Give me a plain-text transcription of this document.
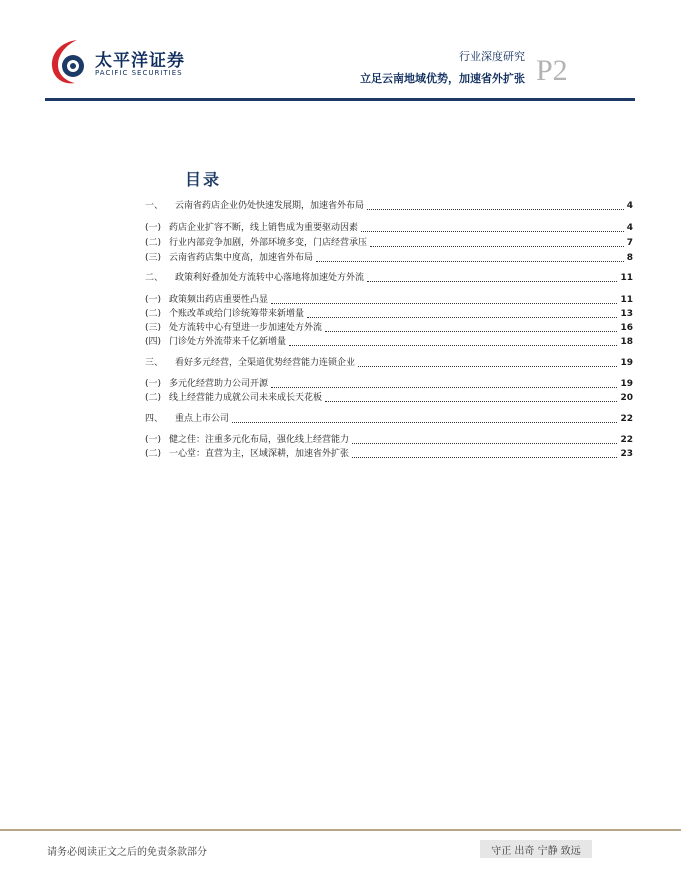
太平洋证券
PACIFIC SECURITIES
行业深度研究
立足云南地域优势，加速省外扩张 P2
目录
一、	云南省药店企业仍处快速发展期，加速省外布局	4
(一) 药店企业扩容不断，线上销售成为重要驱动因素	4
(二) 行业内部竞争加剧，外部环境多变，门店经营承压	7
(三) 云南省药店集中度高，加速省外布局	8
二、	政策利好叠加处方流转中心落地将加速处方外流	11
(一) 政策频出药店重要性凸显	11
(二) 个账改革或给门诊统筹带来新增量	13
(三) 处方流转中心有望进一步加速处方外流	16
(四) 门诊处方外流带来千亿新增量	18
三、	看好多元经营，全渠道优势经营能力连锁企业	19
(一) 多元化经营助力公司开源	19
(二) 线上经营能力成就公司未来成长天花板	20
四、	重点上市公司	22
(一) 健之佳：注重多元化布局，强化线上经营能力	22
(二) 一心堂：直营为主，区域深耕，加速省外扩张	23
请务必阅读正文之后的免责条款部分	守正 出奇 宁静 致远
